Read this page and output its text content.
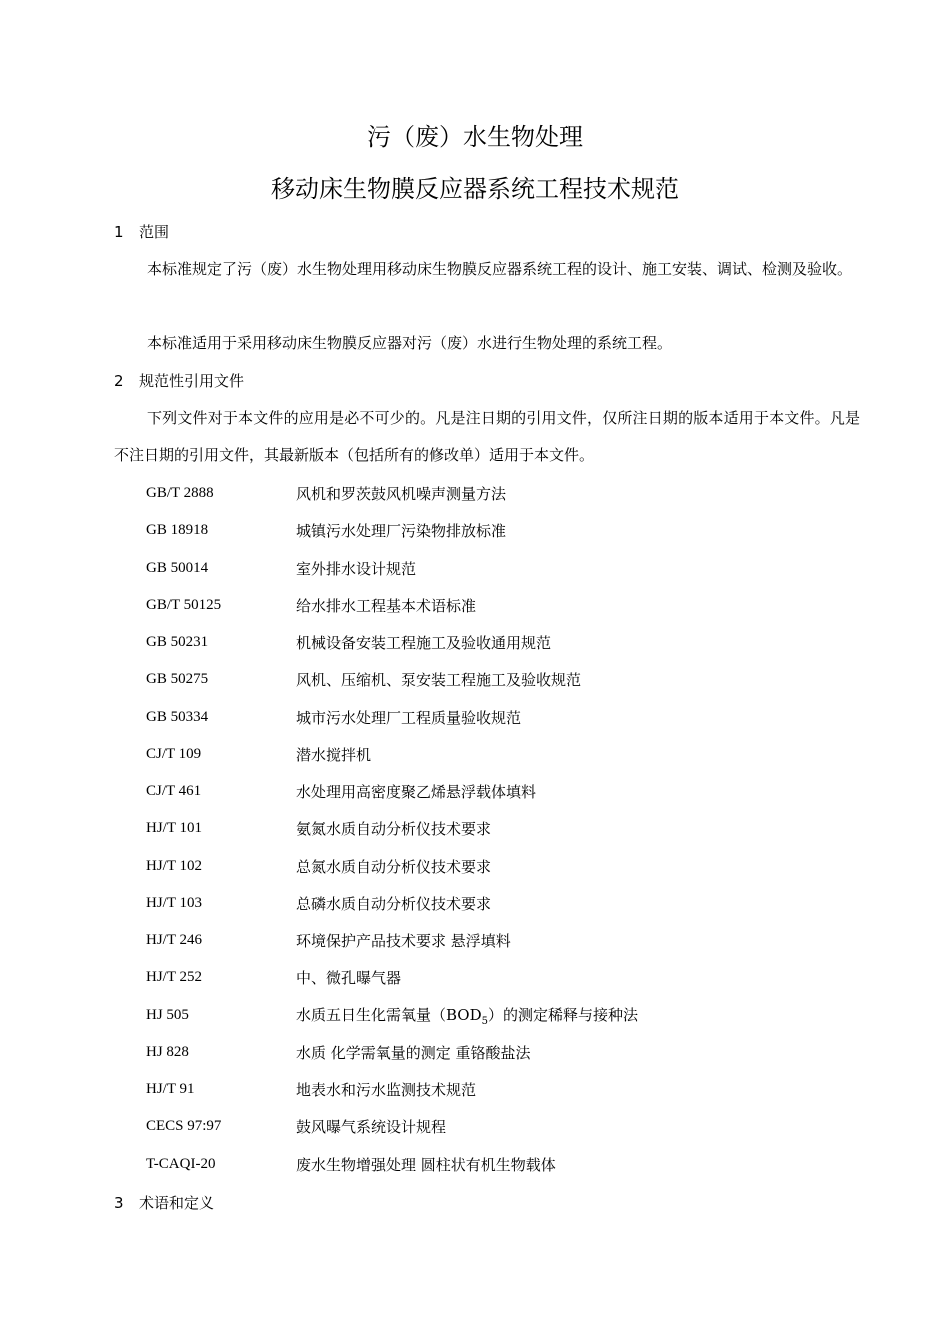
污（废）水生物处理
移动床生物膜反应器系统工程技术规范
1 范围

本标准规定了污（废）水生物处理用移动床生物膜反应器系统工程的设计、施工安装、调试、检测及验收。

本标准适用于采用移动床生物膜反应器对污（废）水进行生物处理的系统工程。

2 规范性引用文件

下列文件对于本文件的应用是必不可少的。凡是注日期的引用文件，仅所注日期的版本适用于本文件。凡是不注日期的引用文件，其最新版本（包括所有的修改单）适用于本文件。

GB/T 2888	风机和罗茨鼓风机噪声测量方法
GB 18918	城镇污水处理厂污染物排放标准
GB 50014	室外排水设计规范
GB/T 50125	给水排水工程基本术语标准
GB 50231	机械设备安装工程施工及验收通用规范
GB 50275	风机、压缩机、泵安装工程施工及验收规范
GB 50334	城市污水处理厂工程质量验收规范
CJ/T 109	潜水搅拌机
CJ/T 461	水处理用高密度聚乙烯悬浮载体填料
HJ/T 101	氨氮水质自动分析仪技术要求
HJ/T 102	总氮水质自动分析仪技术要求
HJ/T 103	总磷水质自动分析仪技术要求
HJ/T 246	环境保护产品技术要求 悬浮填料
HJ/T 252	中、微孔曝气器
HJ 505	水质五日生化需氧量$(BOD_5)$的测定稀释与接种法
HJ 828	水质 化学需氧量的测定 重铬酸盐法
HJ/T 91	地表水和污水监测技术规范
CECS 97:97	鼓风曝气系统设计规程
T-CAQI-20	废水生物增强处理 圆柱状有机生物载体
3 术语和定义
